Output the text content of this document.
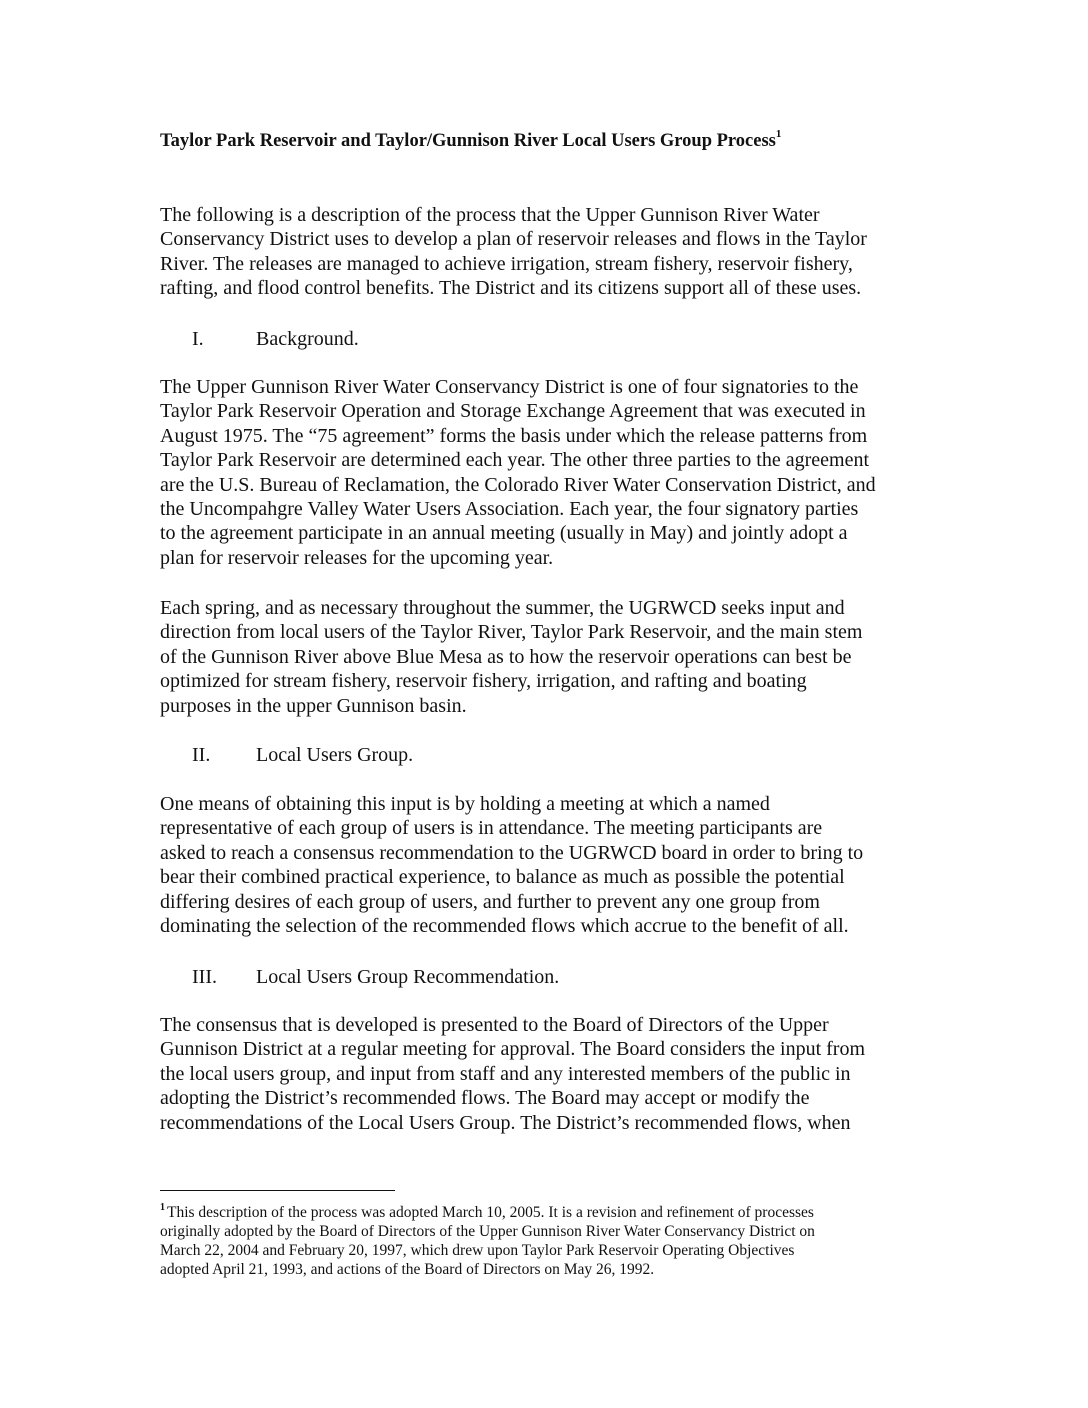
Taylor Park Reservoir and Taylor/Gunnison River Local Users Group Process$^1$
The following is a description of the process that the Upper Gunnison River Water
Conservancy District uses to develop a plan of reservoir releases and flows in the Taylor
River. The releases are managed to achieve irrigation, stream fishery, reservoir fishery,
rafting, and flood control benefits. The District and its citizens support all of these uses.
I.	Background.
The Upper Gunnison River Water Conservancy District is one of four signatories to the
Taylor Park Reservoir Operation and Storage Exchange Agreement that was executed in
August 1975. The “75 agreement” forms the basis under which the release patterns from
Taylor Park Reservoir are determined each year. The other three parties to the agreement
are the U.S. Bureau of Reclamation, the Colorado River Water Conservation District, and
the Uncompahgre Valley Water Users Association. Each year, the four signatory parties
to the agreement participate in an annual meeting (usually in May) and jointly adopt a
plan for reservoir releases for the upcoming year.
Each spring, and as necessary throughout the summer, the UGRWCD seeks input and
direction from local users of the Taylor River, Taylor Park Reservoir, and the main stem
of the Gunnison River above Blue Mesa as to how the reservoir operations can best be
optimized for stream fishery, reservoir fishery, irrigation, and rafting and boating
purposes in the upper Gunnison basin.
II. Local Users Group.
One means of obtaining this input is by holding a meeting at which a named
representative of each group of users is in attendance. The meeting participants are
asked to reach a consensus recommendation to the UGRWCD board in order to bring to
bear their combined practical experience, to balance as much as possible the potential
differing desires of each group of users, and further to prevent any one group from
dominating the selection of the recommended flows which accrue to the benefit of all.
III. Local Users Group Recommendation.
The consensus that is developed is presented to the Board of Directors of the Upper
Gunnison District at a regular meeting for approval. The Board considers the input from
the local users group, and input from staff and any interested members of the public in
adopting the District’s recommended flows. The Board may accept or modify the
recommendations of the Local Users Group. The District’s recommended flows, when
$^1$ This description of the process was adopted March 10, 2005. It is a revision and refinement of processes
originally adopted by the Board of Directors of the Upper Gunnison River Water Conservancy District on
March 22, 2004 and February 20, 1997, which drew upon Taylor Park Reservoir Operating Objectives
adopted April 21, 1993, and actions of the Board of Directors on May 26, 1992.
